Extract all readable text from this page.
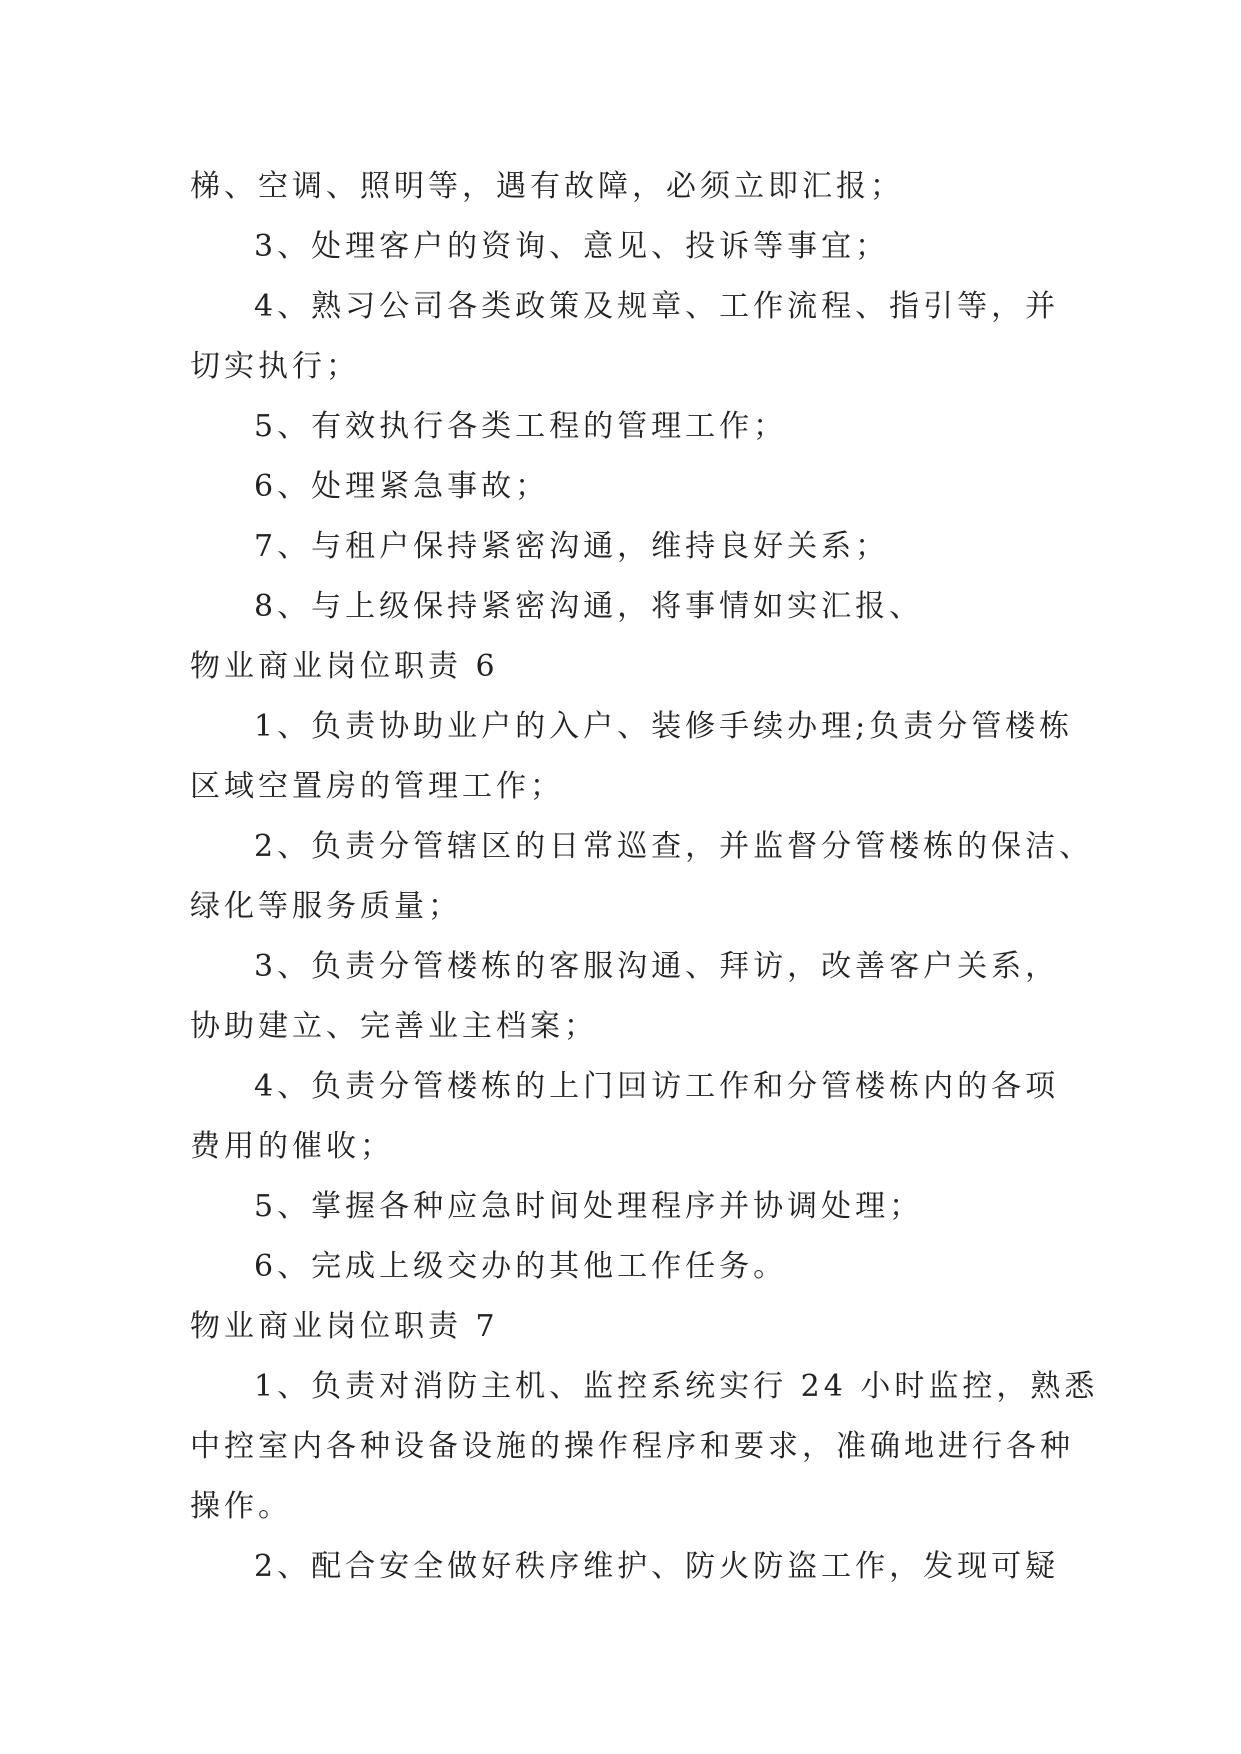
梯、空调、照明等，遇有故障，必须立即汇报；
3、处理客户的资询、意见、投诉等事宜；
4、熟习公司各类政策及规章、工作流程、指引等，并
切实执行；
5、有效执行各类工程的管理工作；
6、处理紧急事故；
7、与租户保持紧密沟通，维持良好关系；
8、与上级保持紧密沟通，将事情如实汇报、
物业商业岗位职责 6
1、负责协助业户的入户、装修手续办理;负责分管楼栋
区域空置房的管理工作；
2、负责分管辖区的日常巡查，并监督分管楼栋的保洁、
绿化等服务质量；
3、负责分管楼栋的客服沟通、拜访，改善客户关系，
协助建立、完善业主档案；
4、负责分管楼栋的上门回访工作和分管楼栋内的各项
费用的催收；
5、掌握各种应急时间处理程序并协调处理；
6、完成上级交办的其他工作任务。
物业商业岗位职责 7
1、负责对消防主机、监控系统实行 24 小时监控，熟悉
中控室内各种设备设施的操作程序和要求，准确地进行各种
操作。
2、配合安全做好秩序维护、防火防盗工作，发现可疑
